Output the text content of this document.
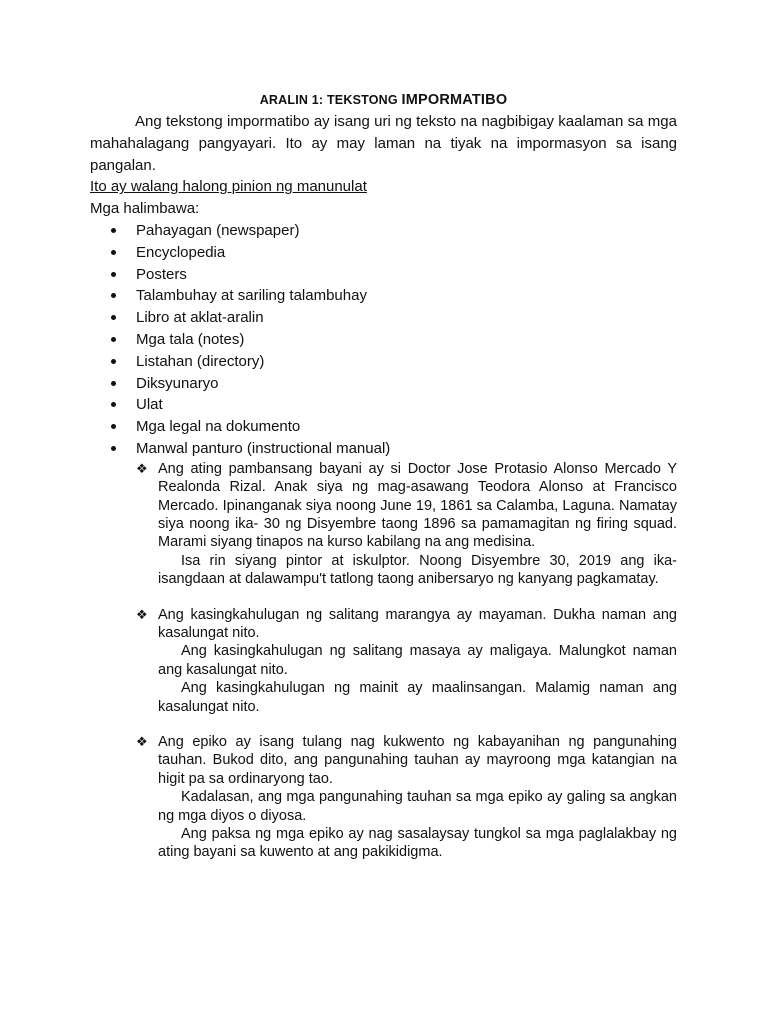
ARALIN 1: TEKSTONG IMPORMATIBO

Ang tekstong impormatibo ay isang uri ng teksto na nagbibigay kaalaman sa mga mahahalagang pangyayari. Ito ay may laman na tiyak na impormasyon sa isang pangalan.

Ito ay walang halong pinion ng manunulat

Mga halimbawa:

Pahayagan (newspaper)
Encyclopedia
Posters
Talambuhay at sariling talambuhay
Libro at aklat-aralin
Mga tala (notes)
Listahan (directory)
Diksyunaryo
Ulat
Mga legal na dokumento
Manwal panturo (instructional manual)
❖ Ang ating pambansang bayani ay si Doctor Jose Protasio Alonso Mercado Y Realonda Rizal. Anak siya ng mag-asawang Teodora Alonso at Francisco Mercado. Ipinanganak siya noong June 19, 1861 sa Calamba, Laguna. Namatay siya noong ika- 30 ng Disyembre taong 1896 sa pamamagitan ng firing squad. Marami siyang tinapos na kurso kabilang na ang medisina.

Isa rin siyang pintor at iskulptor. Noong Disyembre 30, 2019 ang ika-isangdaan at dalawampu't tatlong taong anibersaryo ng kanyang pagkamatay.

❖ Ang kasingkahulugan ng salitang marangya ay mayaman. Dukha naman ang kasalungat nito.

Ang kasingkahulugan ng salitang masaya ay maligaya. Malungkot naman ang kasalungat nito.

Ang kasingkahulugan ng mainit ay maalinsangan. Malamig naman ang kasalungat nito.

❖ Ang epiko ay isang tulang nag kukwento ng kabayanihan ng pangunahing tauhan. Bukod dito, ang pangunahing tauhan ay mayroong mga katangian na higit pa sa ordinaryong tao.

Kadalasan, ang mga pangunahing tauhan sa mga epiko ay galing sa angkan ng mga diyos o diyosa.

Ang paksa ng mga epiko ay nag sasalaysay tungkol sa mga paglalakbay ng ating bayani sa kuwento at ang pakikidigma.
